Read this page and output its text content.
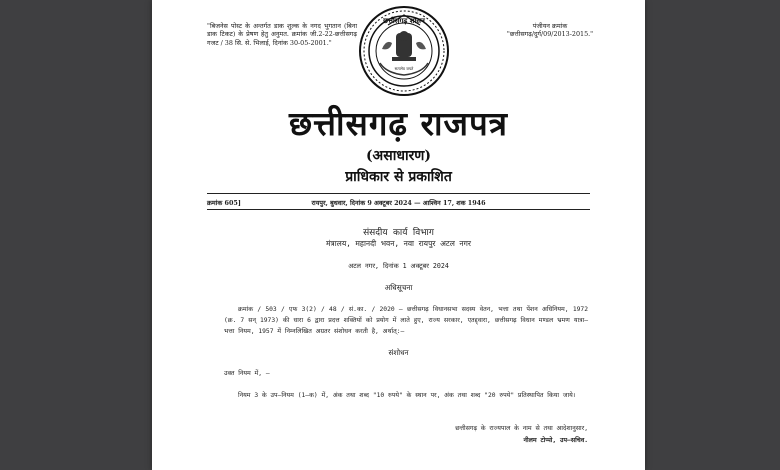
"बिजनेस पोस्ट के अन्तर्गत डाक शुल्क के नगद भुगतान (बिना डाक टिकट) के प्रेषण हेतु अनुमत. क्रमांक जी.2-22-छत्तीसगढ़ गजट / 38 सि. से. भिलाई, दिनांक 30-05-2001."
पंजीयन क्रमांक
"छत्तीसगढ़/दुर्ग/09/2013-2015."
छत्तीसगढ़ शासन
सत्यमेव जयते
छत्तीसगढ़ राजपत्र
(असाधारण)
प्राधिकार से प्रकाशित
क्रमांक 605]	रायपुर, बुधवार, दिनांक 9 अक्टूबर 2024 — आश्विन 17, शक 1946
संसदीय कार्य विभाग
मंत्रालय, महानदी भवन, नवा रायपुर अटल नगर
अटल नगर, दिनांक 1 अक्टूबर 2024
अधिसूचना
क्रमांक / 503 / एफ 3(2) / 48 / सं.का. / 2020 — छत्तीसगढ़ विधानसभा सदस्य वेतन, भत्ता तथा पेंशन अधिनियम, 1972 (क्र. 7 सन् 1973) की धारा 6 द्वारा प्रदत्त शक्तियों को प्रयोग में लाते हुए, राज्य सरकार, एतद्द्वारा, छत्तीसगढ़ विधान मण्डल भ्रमण यात्रा–भत्ता नियम, 1957 में निम्नलिखित अग्रतर संशोधन करती है, अर्थात्:–
संशोधन
उक्त नियम में, –
नियम 3 के उप–नियम (1–क) में, अंक तथा शब्द "10 रुपये" के स्थान पर, अंक तथा शब्द "20 रुपये" प्रतिस्थापित किया जाये।
छत्तीसगढ़ के राज्यपाल के नाम से तथा आदेशानुसार,
नीलम टोप्पो, उप–सचिव.
